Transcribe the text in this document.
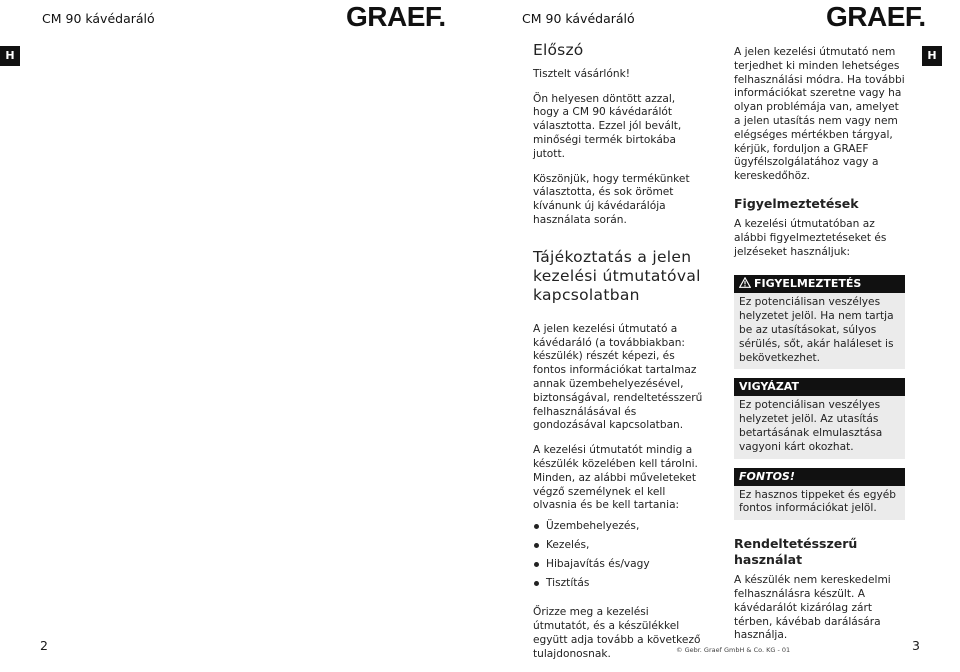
CM 90 kávédaráló	GRAEF.	CM 90 kávédaráló	GRAEF.
H	H
Előszó

Tisztelt vásárlónk!

Ön helyesen döntött azzal, hogy a CM 90 kávédarálót választotta. Ezzel jól bevált, minőségi termék birtokába jutott.

Köszönjük, hogy termékünket választotta, és sok örömet kívánunk új kávédarálója használata során.

Tájékoztatás a jelen kezelési útmutatóval kapcsolatban

A jelen kezelési útmutató a kávédaráló (a továbbiakban: készülék) részét képezi, és fontos információkat tartalmaz annak üzembehelyezésével, biztonságával, rendeltetésszerű felhasználásával és gondozásával kapcsolatban.

A kezelési útmutatót mindig a készülék közelében kell tárolni. Minden, az alábbi műveleteket végző személynek el kell olvasnia és be kell tartania:

Üzembehelyezés,
Kezelés,
Hibajavítás és/vagy
Tisztítás

Őrizze meg a kezelési útmutatót, és a készülékkel együtt adja tovább a következő tulajdonosnak.

A jelen kezelési útmutató nem terjedhet ki minden lehetséges felhasználási módra. Ha további információkat szeretne vagy ha olyan problémája van, amelyet a jelen utasítás nem vagy nem elégséges mértékben tárgyal, kérjük, forduljon a GRAEF ügyfélszolgálatához vagy a kereskedőhöz.

Figyelmeztetések

A kezelési útmutatóban az alábbi figyelmeztetéseket és jelzéseket használjuk:

FIGYELMEZTETÉS
Ez potenciálisan veszélyes helyzetet jelöl. Ha nem tartja be az utasításokat, súlyos sérülés, sőt, akár haláleset is bekövetkezhet.
VIGYÁZAT
Ez potenciálisan veszélyes helyzetet jelöl. Az utasítás betartásának elmulasztása vagyoni kárt okozhat.
FONTOS!
Ez hasznos tippeket és egyéb fontos információkat jelöl.
Rendeltetésszerű használat

A készülék nem kereskedelmi felhasználásra készült. A kávédarálót kizárólag zárt térben, kávébab darálására használja.

2	© Gebr. Graef GmbH & Co. KG - 01	3
